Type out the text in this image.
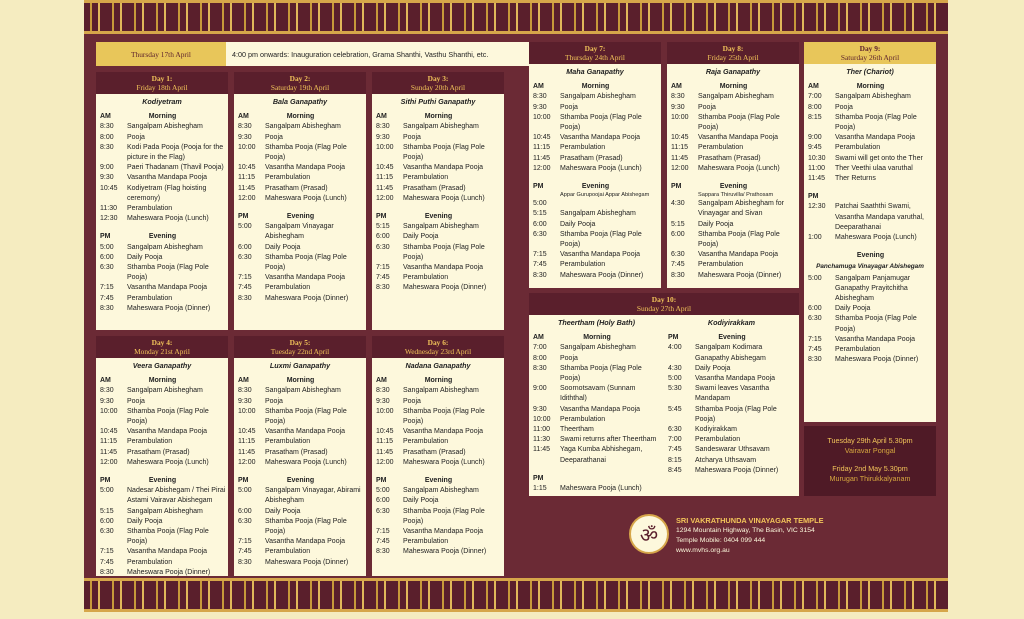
Thursday 17th April	4:00 pm onwards: Inauguration celebration, Grama Shanthi, Vasthu Shanthi, etc.
Day 1:
Friday 18th April
Kodiyetram
AM	Morning
8:30	Sangalpam Abishegham
8:00	Pooja
8:30	Kodi Pada Pooja (Pooja for the picture in the Flag)
9:00	Paeri Thadanam (Thavil Pooja)
9:30	Vasantha Mandapa Pooja
10:45	Kodiyetram (Flag hoisting ceremony)
11:30	Perambulation
12:30	Maheswara Pooja (Lunch)
PM	Evening
5:00	Sangalpam Abishegham
6:00	Daily Pooja
6:30	Sthamba Pooja (Flag Pole Pooja)
7:15	Vasantha Mandapa Pooja
7:45	Perambulation
8:30	Maheswara Pooja (Dinner)
Day 2:
Saturday 19th April
Bala Ganapathy
AM	Morning
8:30	Sangalpam Abishegham
9:30	Pooja
10:00	Sthamba Pooja (Flag Pole Pooja)
10:45	Vasantha Mandapa Pooja
11:15	Perambulation
11:45	Prasatham (Prasad)
12:00	Maheswara Pooja (Lunch)
PM	Evening
5:00	Sangalpam Vinayagar Abishegham
6:00	Daily Pooja
6:30	Sthamba Pooja (Flag Pole Pooja)
7:15	Vasantha Mandapa Pooja
7:45	Perambulation
8:30	Maheswara Pooja (Dinner)
Day 3:
Sunday 20th April
Sithi Puthi Ganapathy
AM	Morning
8:30	Sangalpam Abishegham
9:30	Pooja
10:00	Sthamba Pooja (Flag Pole Pooja)
10:45	Vasantha Mandapa Pooja
11:15	Perambulation
11:45	Prasatham (Prasad)
12:00	Maheswara Pooja (Lunch)
PM	Evening
5:15	Sangalpam Abishegham
6:00	Daily Pooja
6:30	Sthamba Pooja (Flag Pole Pooja)
7:15	Vasantha Mandapa Pooja
7:45	Perambulation
8:30	Maheswara Pooja (Dinner)
Day 4:
Monday 21st April
Veera Ganapathy
AM	Morning
8:30	Sangalpam Abishegham
9:30	Pooja
10:00	Sthamba Pooja (Flag Pole Pooja)
10:45	Vasantha Mandapa Pooja
11:15	Perambulation
11:45	Prasatham (Prasad)
12:00	Maheswara Pooja (Lunch)
PM	Evening
5:00	Nadesar Abishegam / Thei Pirai Astami Vairavar Abishegam
5:15	Sangalpam Abishegham
6:00	Daily Pooja
6:30	Sthamba Pooja (Flag Pole Pooja)
7:15	Vasantha Mandapa Pooja
7:45	Perambulation
8:30	Maheswara Pooja (Dinner)
Day 5:
Tuesday 22nd April
Luxmi Ganapathy
AM	Morning
8:30	Sangalpam Abishegham
9:30	Pooja
10:00	Sthamba Pooja (Flag Pole Pooja)
10:45	Vasantha Mandapa Pooja
11:15	Perambulation
11:45	Prasatham (Prasad)
12:00	Maheswara Pooja (Lunch)
PM	Evening
5:00	Sangalpam Vinayagar, Abirami Abishegham
6:00	Daily Pooja
6:30	Sthamba Pooja (Flag Pole Pooja)
7:15	Vasantha Mandapa Pooja
7:45	Perambulation
8:30	Maheswara Pooja (Dinner)
Day 6:
Wednesday 23rd April
Nadana Ganapathy
AM	Morning
8:30	Sangalpam Abishegham
9:30	Pooja
10:00	Sthamba Pooja (Flag Pole Pooja)
10:45	Vasantha Mandapa Pooja
11:15	Perambulation
11:45	Prasatham (Prasad)
12:00	Maheswara Pooja (Lunch)
PM	Evening
5:00	Sangalpam Abishegham
6:00	Daily Pooja
6:30	Sthamba Pooja (Flag Pole Pooja)
7:15	Vasantha Mandapa Pooja
7:45	Perambulation
8:30	Maheswara Pooja (Dinner)
Day 7:
Thursday 24th April
Maha Ganapathy
AM	Morning
8:30	Sangalpam Abishegham
9:30	Pooja
10:00	Sthamba Pooja (Flag Pole Pooja)
10:45	Vasantha Mandapa Pooja
11:15	Perambulation
11:45	Prasatham (Prasad)
12:00	Maheswara Pooja (Lunch)
PM	Evening
Appar Gurupoojai Appar Abishegam
5:00
5:15	Sangalpam Abishegham
6:00	Daily Pooja
6:30	Sthamba Pooja (Flag Pole Pooja)
7:15	Vasantha Mandapa Pooja
7:45	Perambulation
8:30	Maheswara Pooja (Dinner)
Day 8:
Friday 25th April
Raja Ganapathy
AM	Morning
8:30	Sangalpam Abishegham
9:30	Pooja
10:00	Sthamba Pooja (Flag Pole Pooja)
10:45	Vasantha Mandapa Pooja
11:15	Perambulation
11:45	Prasatham (Prasad)
12:00	Maheswara Pooja (Lunch)
PM	Evening
Sappara Thiruvilla/ Prathosam
4:30	Sangalpam Abishegham for Vinayagar and Sivan
5:15	Daily Pooja
6:00	Sthamba Pooja (Flag Pole Pooja)
6:30	Vasantha Mandapa Pooja
7:45	Perambulation
8:30	Maheswara Pooja (Dinner)
Day 9:
Saturday 26th April
Ther (Chariot)
AM	Morning
7:00	Sangalpam Abishegham
8:00	Pooja
8:15	Sthamba Pooja (Flag Pole Pooja)
9:00	Vasantha Mandapa Pooja
9:45	Perambulation
10:30	Swami will get onto the Ther
11:00	Ther Veethi ulaa varuthal
11:45	Ther Returns
PM
12:30	Patchai Saaththi Swami, Vasantha Mandapa varuthal, Deeparathanai
1:00	Maheswara Pooja (Lunch)
Evening
Panchamuga Vinayagar Abishegam
5:00	Sangalpam Panjamugar Ganapathy Prayitchitha Abishegham
6:00	Daily Pooja
6:30	Sthamba Pooja (Flag Pole Pooja)
7:15	Vasantha Mandapa Pooja
7:45	Perambulation
8:30	Maheswara Pooja (Dinner)
Day 10:
Sunday 27th April
Theertham (Holy Bath)
AM	Morning
7:00	Sangalpam Abishegham
8:00	Pooja
8:30	Sthamba Pooja (Flag Pole Pooja)
9:00	Soornotsavam (Sunnam Idiththal)
9:30	Vasantha Mandapa Pooja
10:00	Perambulation
11:00	Theertham
11:30	Swami returns after Theertham
11:45	Yaga Kumba Abhishegam, Deeparathanai
PM
1:15	Maheswara Pooja (Lunch)
Kodiyirakkam
PM	Evening
4:00	Sangalpam Kodimara Ganapathy Abishegam
4:30	Daily Pooja
5:00	Vasantha Mandapa Pooja
5:30	Swami leaves Vasantha Mandapam
5:45	Sthamba Pooja (Flag Pole Pooja)
6:30	Kodiyirakkam
7:00	Perambulation
7:45	Sandeswarar Uthsavam
8:15	Atcharya Uthsavam
8:45	Maheswara Pooja (Dinner)
Tuesday 29th April 5.30pm
Vairavar Pongal
Friday 2nd May 5.30pm
Murugan Thirukkalyanam
ॐ
SRI VAKRATHUNDA VINAYAGAR TEMPLE
1294 Mountain Highway, The Basin, VIC 3154
Temple Mobile: 0404 099 444
www.mvhs.org.au
